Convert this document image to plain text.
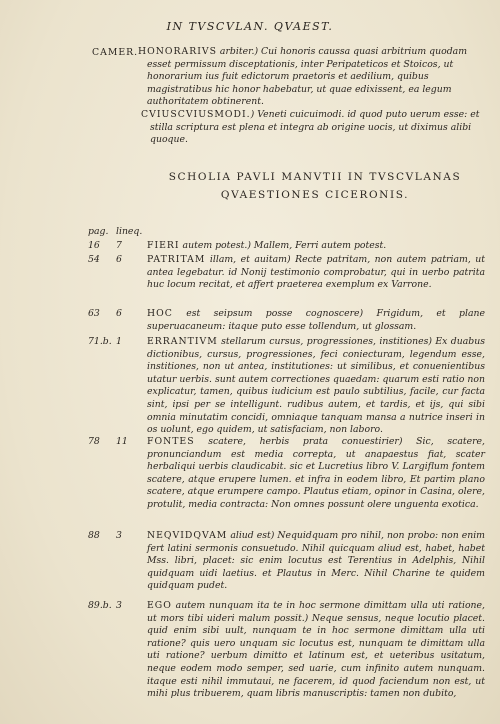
IN TVSCVLAN. QVAEST.
CAMER. HONORARIVS arbiter.) Cui honoris caussa quasi arbitrium quodam esset permissum disceptationis, inter Peripateticos et Stoicos, ut honorarium ius fuit edictorum praetoris et aedilium, quibus magistratibus hic honor habebatur, ut quae edixissent, ea legum authoritatem obtinerent.

CVIUSCVIUSMODI.) Veneti cuicuimodi. id quod puto uerum esse: et stilla scriptura est plena et integra ab origine uocis, ut diximus alibi quoque.

SCHOLIA PAVLI MANVTII IN TVSCVLANAS
QVAESTIONES CICERONIS.
pag. lineq.
16	7	FIERI autem potest.) Mallem, Ferri autem potest.
54	6	PATRITAM illam, et auitam) Recte patritam, non autem patriam, ut antea legebatur. id Nonij testimonio comprobatur, qui in uerbo patrita huc locum recitat, et affert praeterea exemplum ex Varrone.
63	6	HOC est seipsum posse cognoscere) Frigidum, et plane superuacaneum: itaque puto esse tollendum, ut glossam.
71.b. 1	ERRANTIVM stellarum cursus, progressiones, institiones) Ex duabus dictionibus, cursus, progressiones, feci coniecturam, legendum esse, institiones, non ut antea, institutiones: ut similibus, et conuenientibus utatur uerbis. sunt autem correctiones quaedam: quarum esti ratio non explicatur, tamen, quibus iudicium est paulo subtilius, facile, cur facta sint, ipsi per se intelligunt. rudibus autem, et tardis, et ijs, qui sibi omnia minutatim concidi, omniaque tanquam mansa a nutrice inseri in os uolunt, ego quidem, ut satisfaciam, non laboro.
78	11	FONTES scatere, herbis prata conuestirier) Sic, scatere, pronunciandum est media correpta, ut anapaestus fiat, scater herbaliqui uerbis claudicabit. sic et Lucretius libro V. Largiflum fontem scatere, atque erupere lumen. et infra in eodem libro, Et partim plano scatere, atque erumpere campo. Plautus etiam, opinor in Casina, olere, protulit, media contracta: Non omnes possunt olere unguenta exotica.
88	3	NEQVIDQVAM aliud est) Nequidquam pro nihil, non probo: non enim fert latini sermonis consuetudo. Nihil quicquam aliud est, habet, habet Mss. libri, placet: sic enim locutus est Terentius in Adelphis, Nihil quidquam uidi laetius. et Plautus in Merc. Nihil Charine te quidem quidquam pudet.
89.b. 3	EGO autem nunquam ita te in hoc sermone dimittam ulla uti ratione, ut mors tibi uideri malum possit.) Neque sensus, neque locutio placet. quid enim sibi uult, nunquam te in hoc sermone dimittam ulla uti ratione? quis uero unquam sic locutus est, nunquam te dimittam ulla uti ratione? uerbum dimitto et latinum est, et ueteribus usitatum, neque eodem modo semper, sed uarie, cum infinito autem nunquam. itaque esti nihil immutaui, ne facerem, id quod faciendum non est, ut mihi plus tribuerem, quam libris manuscriptis: tamen non dubito,
